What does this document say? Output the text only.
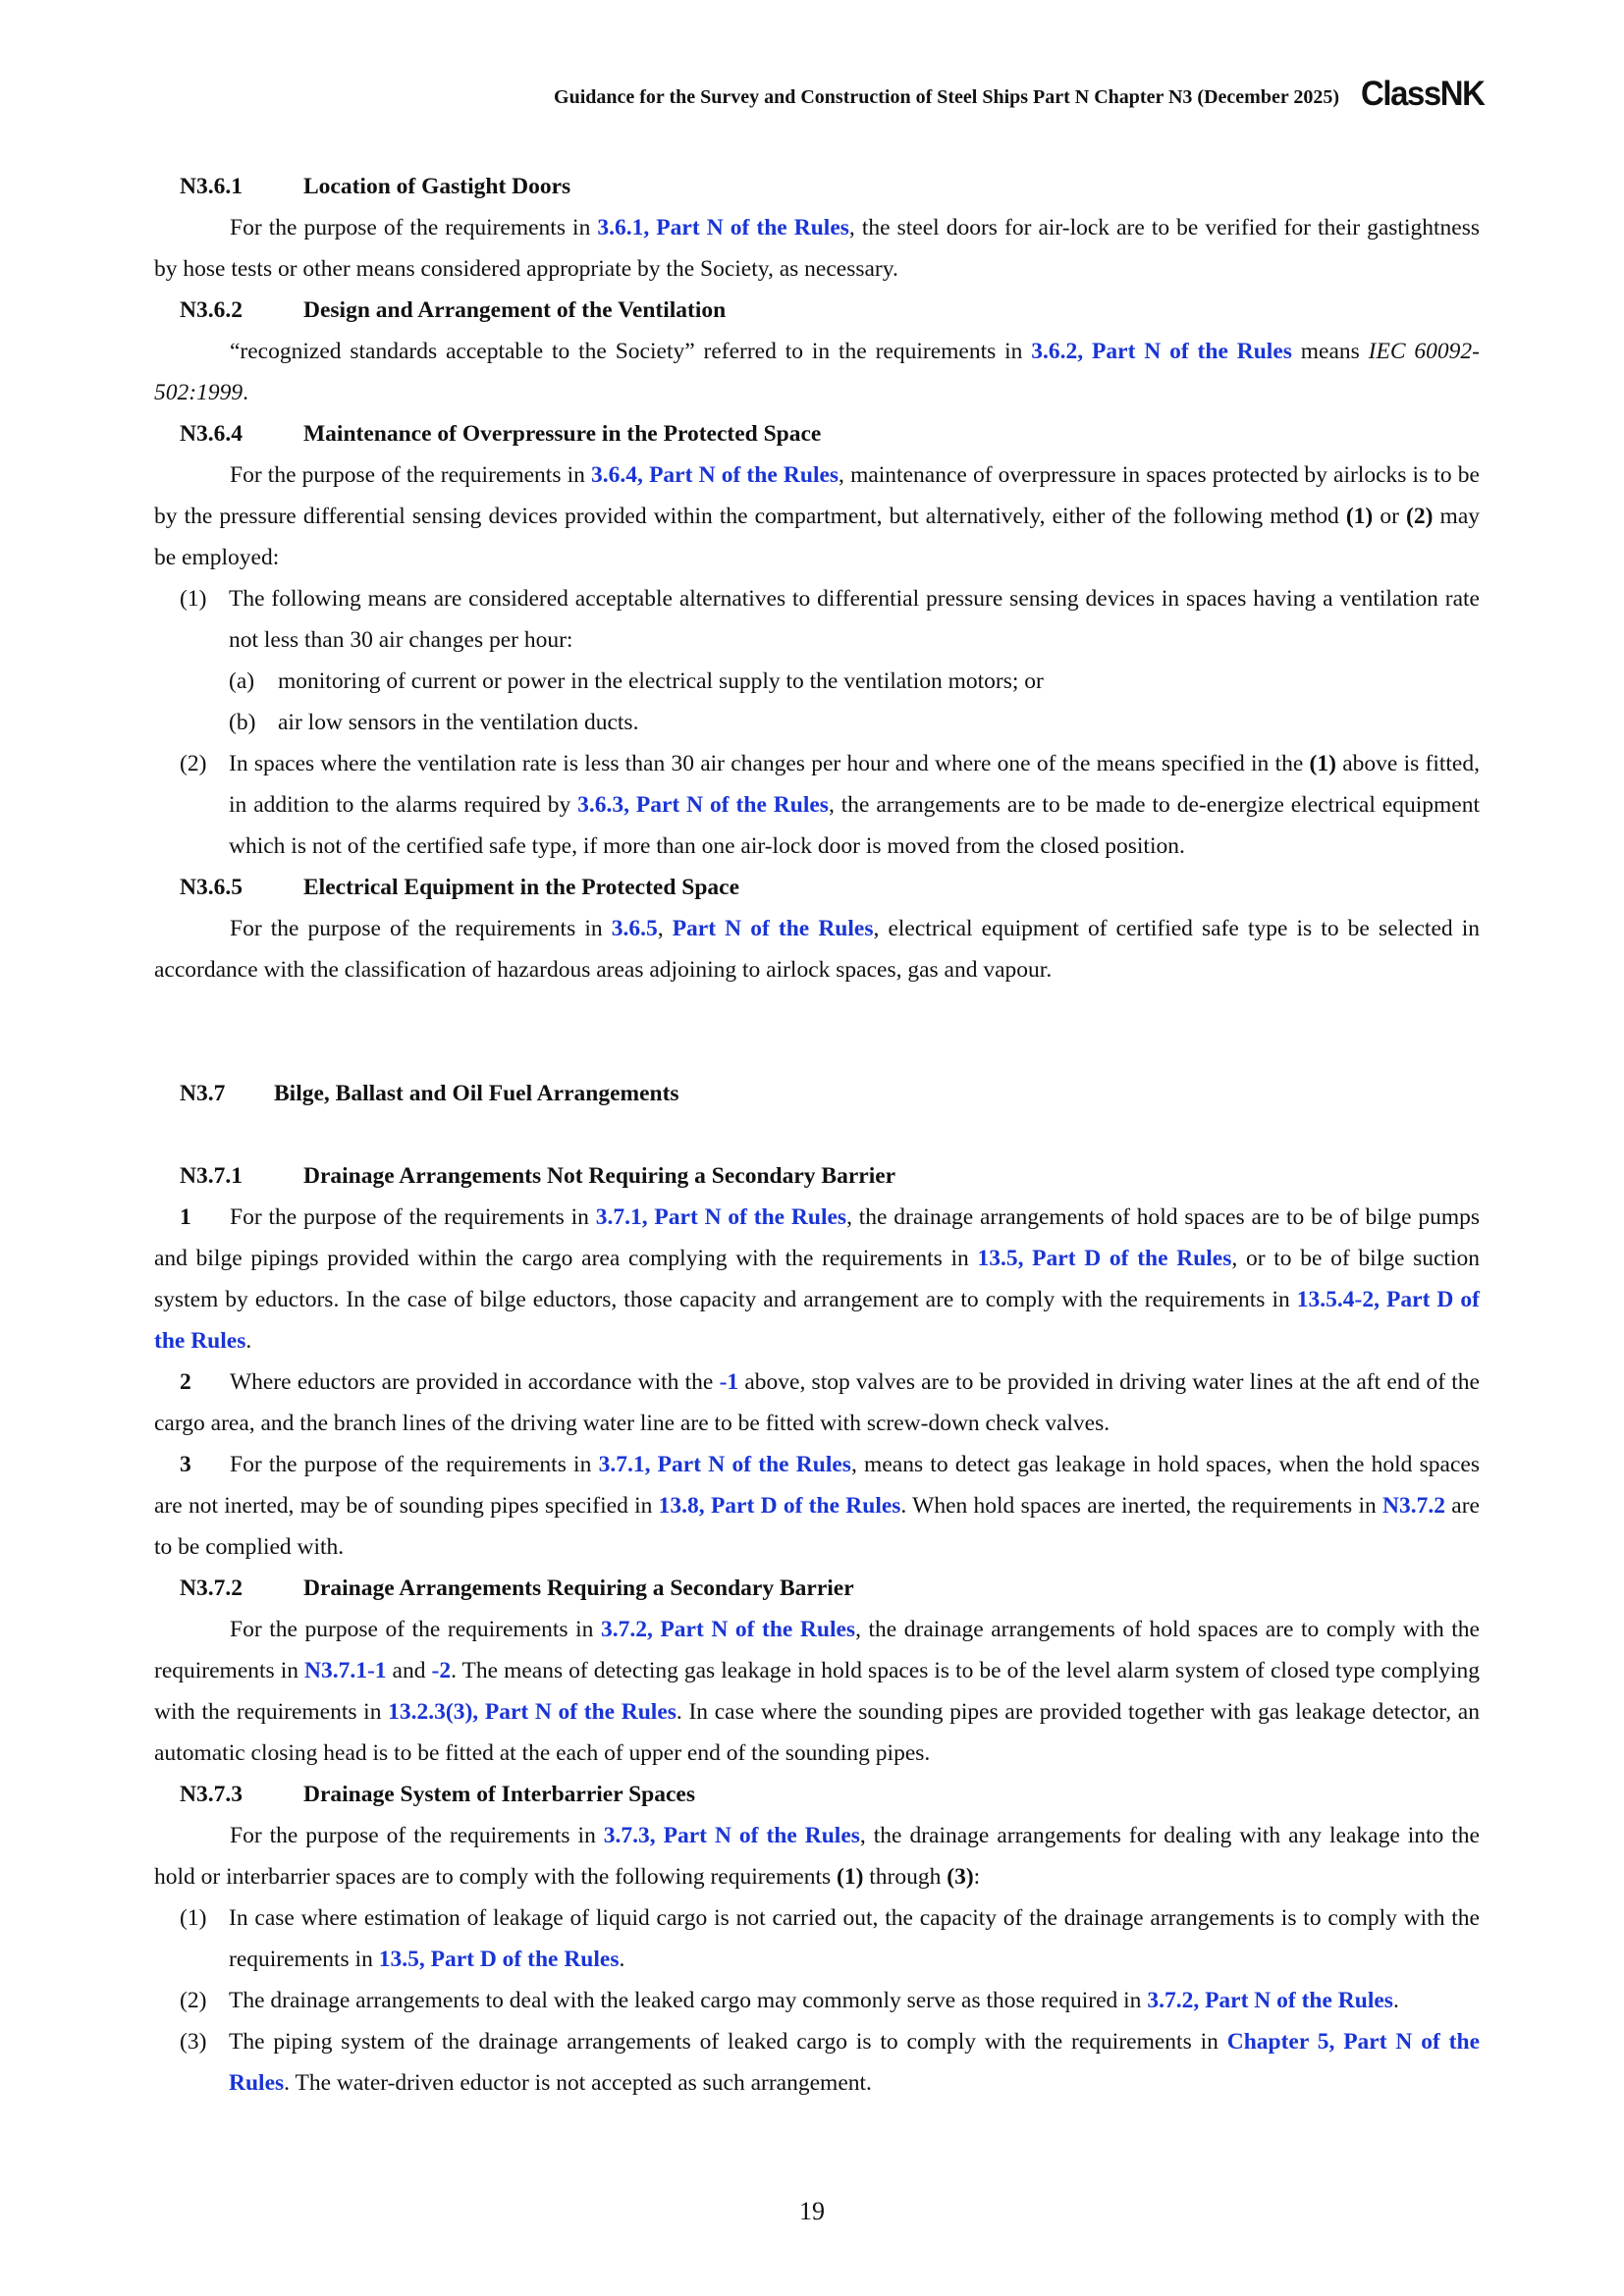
Guidance for the Survey and Construction of Steel Ships Part N Chapter N3 (December 2025) ClassNK

N3.6.1	Location of Gastight Doors

For the purpose of the requirements in 3.6.1, Part N of the Rules, the steel doors for air-lock are to be verified for their gastightness by hose tests or other means considered appropriate by the Society, as necessary.

N3.6.2	Design and Arrangement of the Ventilation

“recognized standards acceptable to the Society” referred to in the requirements in 3.6.2, Part N of the Rules means IEC 60092-502:1999.

N3.6.4	Maintenance of Overpressure in the Protected Space

For the purpose of the requirements in 3.6.4, Part N of the Rules, maintenance of overpressure in spaces protected by airlocks is to be by the pressure differential sensing devices provided within the compartment, but alternatively, either of the following method (1) or (2) may be employed:

(1) The following means are considered acceptable alternatives to differential pressure sensing devices in spaces having a ventilation rate not less than 30 air changes per hour:

(a) monitoring of current or power in the electrical supply to the ventilation motors; or

(b) air low sensors in the ventilation ducts.

(2) In spaces where the ventilation rate is less than 30 air changes per hour and where one of the means specified in the (1) above is fitted, in addition to the alarms required by 3.6.3, Part N of the Rules, the arrangements are to be made to de-energize electrical equipment which is not of the certified safe type, if more than one air-lock door is moved from the closed position.

N3.6.5	Electrical Equipment in the Protected Space

For the purpose of the requirements in 3.6.5, Part N of the Rules, electrical equipment of certified safe type is to be selected in accordance with the classification of hazardous areas adjoining to airlock spaces, gas and vapour.

N3.7 Bilge, Ballast and Oil Fuel Arrangements

N3.7.1	Drainage Arrangements Not Requiring a Secondary Barrier

1 For the purpose of the requirements in 3.7.1, Part N of the Rules, the drainage arrangements of hold spaces are to be of bilge pumps and bilge pipings provided within the cargo area complying with the requirements in 13.5, Part D of the Rules, or to be of bilge suction system by eductors. In the case of bilge eductors, those capacity and arrangement are to comply with the requirements in 13.5.4-2, Part D of the Rules.

2 Where eductors are provided in accordance with the -1 above, stop valves are to be provided in driving water lines at the aft end of the cargo area, and the branch lines of the driving water line are to be fitted with screw-down check valves.

3 For the purpose of the requirements in 3.7.1, Part N of the Rules, means to detect gas leakage in hold spaces, when the hold spaces are not inerted, may be of sounding pipes specified in 13.8, Part D of the Rules. When hold spaces are inerted, the requirements in N3.7.2 are to be complied with.

N3.7.2	Drainage Arrangements Requiring a Secondary Barrier

For the purpose of the requirements in 3.7.2, Part N of the Rules, the drainage arrangements of hold spaces are to comply with the requirements in N3.7.1-1 and -2. The means of detecting gas leakage in hold spaces is to be of the level alarm system of closed type complying with the requirements in 13.2.3(3), Part N of the Rules. In case where the sounding pipes are provided together with gas leakage detector, an automatic closing head is to be fitted at the each of upper end of the sounding pipes.

N3.7.3	Drainage System of Interbarrier Spaces

For the purpose of the requirements in 3.7.3, Part N of the Rules, the drainage arrangements for dealing with any leakage into the hold or interbarrier spaces are to comply with the following requirements (1) through (3):

(1) In case where estimation of leakage of liquid cargo is not carried out, the capacity of the drainage arrangements is to comply with the requirements in 13.5, Part D of the Rules.

(2) The drainage arrangements to deal with the leaked cargo may commonly serve as those required in 3.7.2, Part N of the Rules.

(3) The piping system of the drainage arrangements of leaked cargo is to comply with the requirements in Chapter 5, Part N of the Rules. The water-driven eductor is not accepted as such arrangement.

19
